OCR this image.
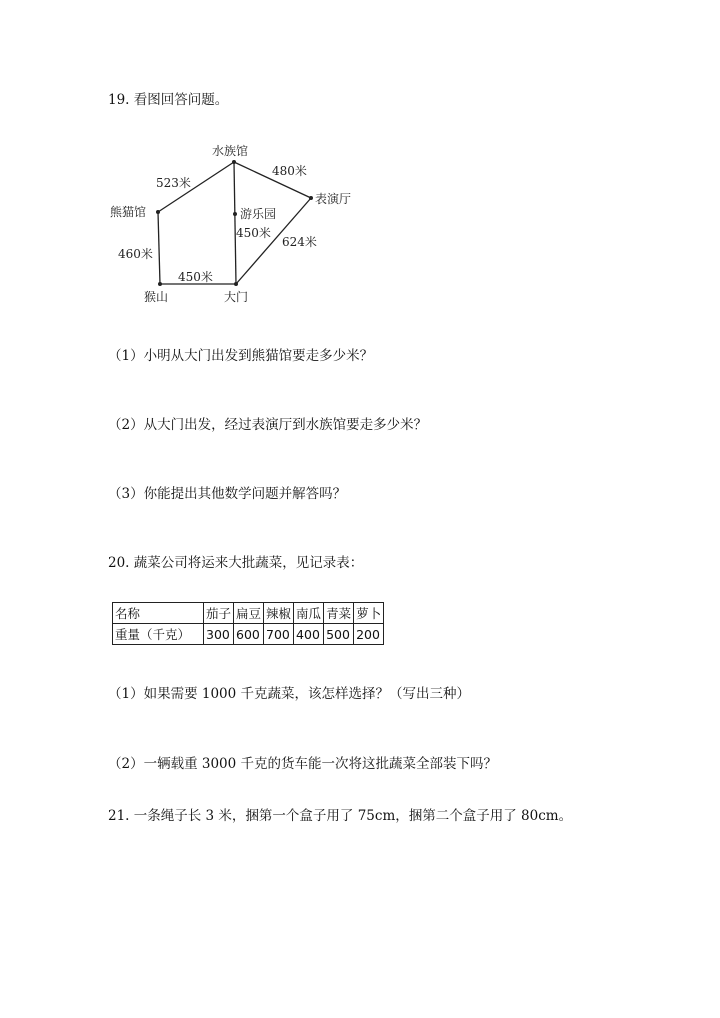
19. 看图回答问题。
水族馆
熊猫馆
表演厅
游乐园
猴山	大门
523米
480米
460米
450米
450米
624米
（1）小明从大门出发到熊猫馆要走多少米？
（2）从大门出发，经过表演厅到水族馆要走多少米？
（3）你能提出其他数学问题并解答吗？
20. 蔬菜公司将运来大批蔬菜，见记录表：
名称	茄子	扁豆	辣椒	南瓜	青菜	萝卜
重量（千克）	300	600	700	400	500	200
（1）如果需要 1000 千克蔬菜，该怎样选择？（写出三种）
（2）一辆载重 3000 千克的货车能一次将这批蔬菜全部装下吗？
21. 一条绳子长 3 米，捆第一个盒子用了 75cm，捆第二个盒子用了 80cm。
